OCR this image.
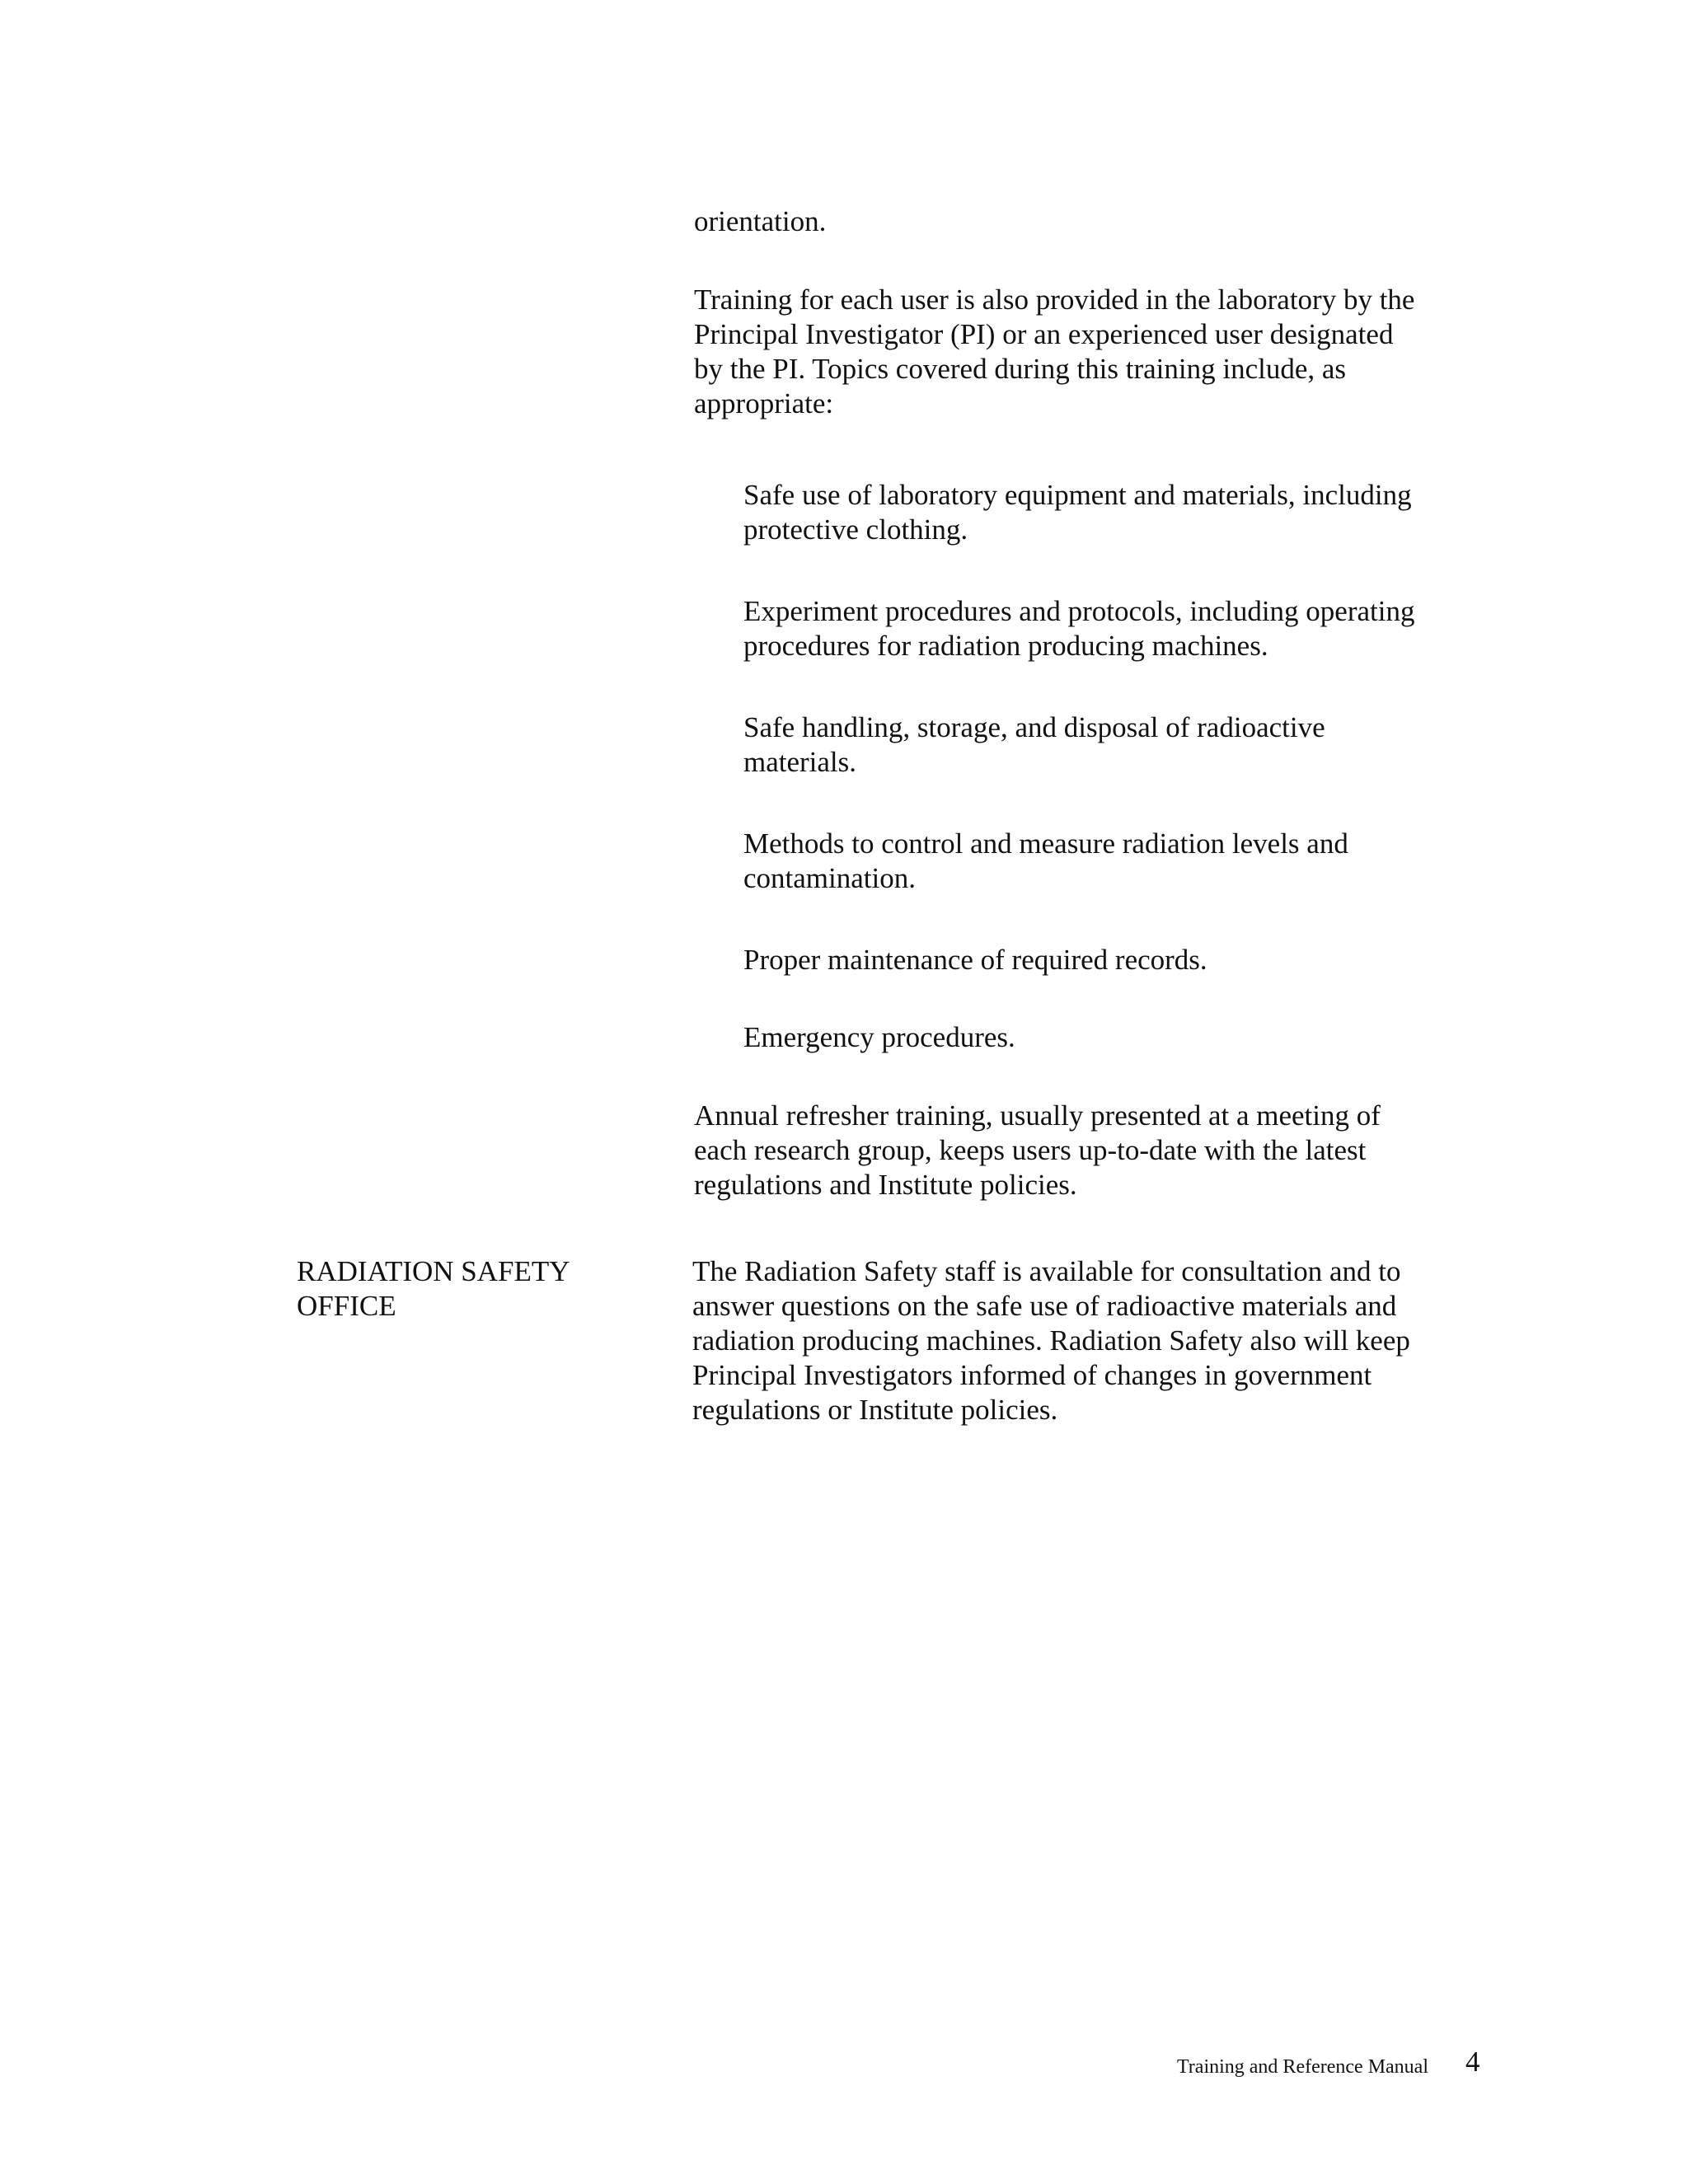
orientation.

Training for each user is also provided in the laboratory by the Principal Investigator (PI) or an experienced user designated by the PI. Topics covered during this training include, as appropriate:

Safe use of laboratory equipment and materials, including protective clothing.

Experiment procedures and protocols, including operating procedures for radiation producing machines.

Safe handling, storage, and disposal of radioactive materials.

Methods to control and measure radiation levels and contamination.

Proper maintenance of required records.

Emergency procedures.

Annual refresher training, usually presented at a meeting of each research group, keeps users up-to-date with the latest regulations and Institute policies.

RADIATION SAFETY
OFFICE

The Radiation Safety staff is available for consultation and to answer questions on the safe use of radioactive materials and radiation producing machines. Radiation Safety also will keep Principal Investigators informed of changes in government regulations or Institute policies.

Training and Reference Manual 4
